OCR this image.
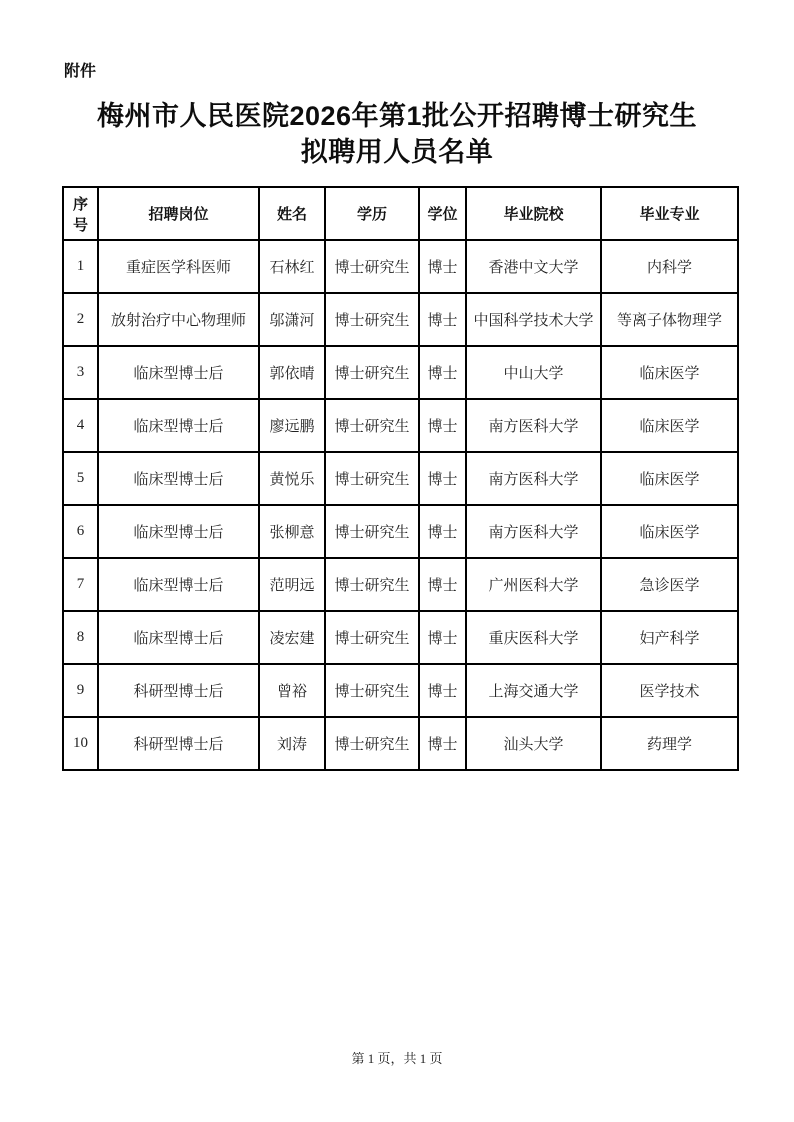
附件
梅州市人民医院2026年第1批公开招聘博士研究生
拟聘用人员名单
序号	招聘岗位	姓名	学历	学位	毕业院校	毕业专业
1	重症医学科医师	石林红	博士研究生	博士	香港中文大学	内科学
2	放射治疗中心物理师	邬潇河	博士研究生	博士	中国科学技术大学	等离子体物理学
3	临床型博士后	郭依晴	博士研究生	博士	中山大学	临床医学
4	临床型博士后	廖远鹏	博士研究生	博士	南方医科大学	临床医学
5	临床型博士后	黄悦乐	博士研究生	博士	南方医科大学	临床医学
6	临床型博士后	张柳意	博士研究生	博士	南方医科大学	临床医学
7	临床型博士后	范明远	博士研究生	博士	广州医科大学	急诊医学
8	临床型博士后	凌宏建	博士研究生	博士	重庆医科大学	妇产科学
9	科研型博士后	曾裕	博士研究生	博士	上海交通大学	医学技术
10	科研型博士后	刘涛	博士研究生	博士	汕头大学	药理学
第 1 页，共 1 页
